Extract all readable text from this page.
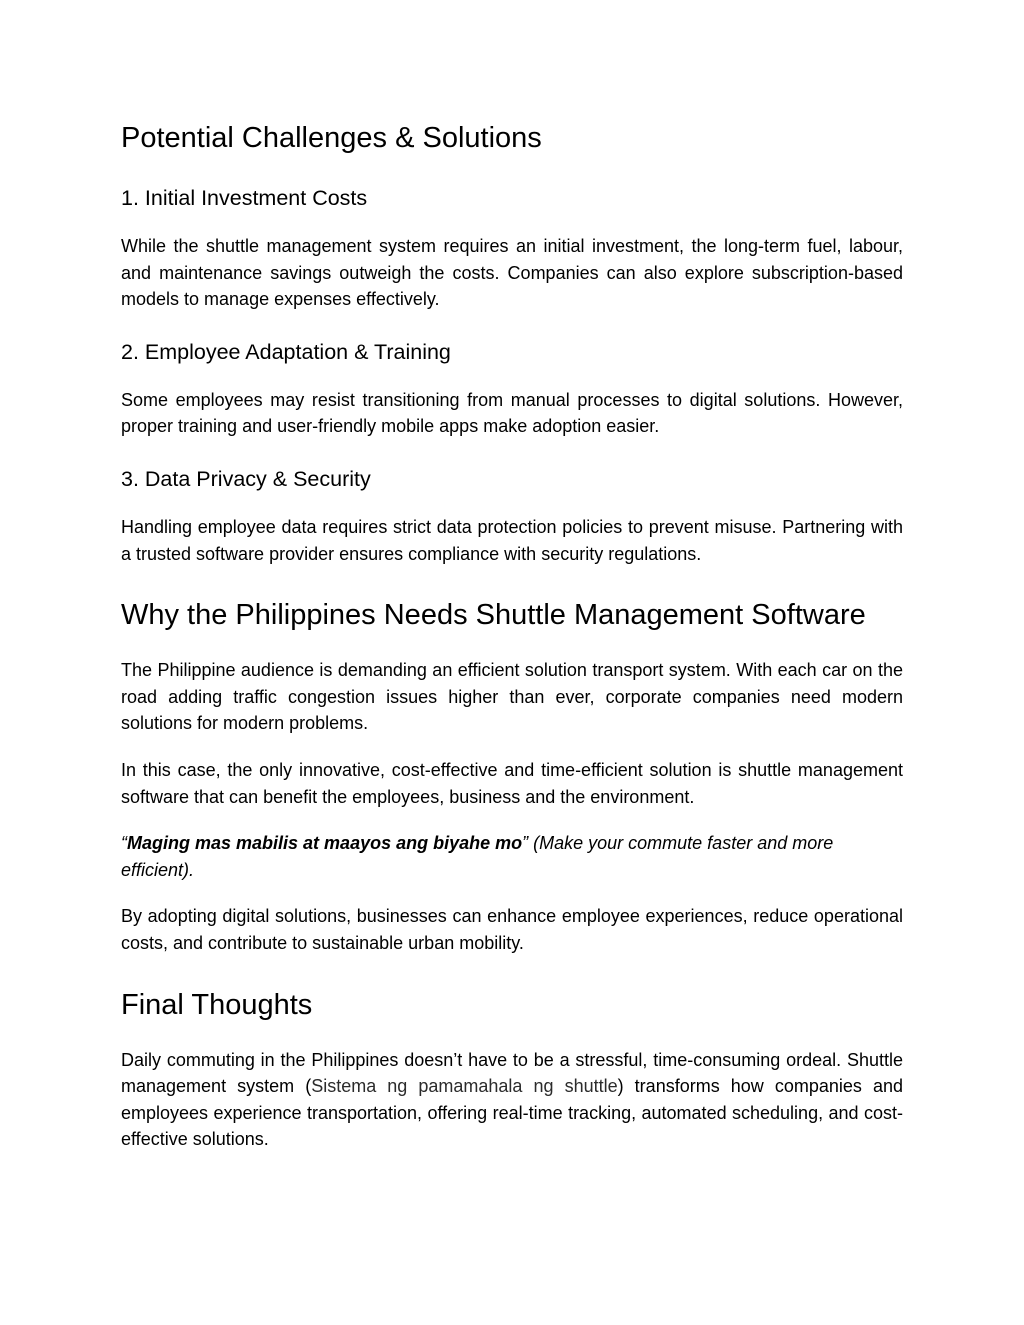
Potential Challenges & Solutions
1. Initial Investment Costs

While the shuttle management system requires an initial investment, the long-term fuel, labour, and maintenance savings outweigh the costs. Companies can also explore subscription-based models to manage expenses effectively.

2. Employee Adaptation & Training

Some employees may resist transitioning from manual processes to digital solutions. However, proper training and user-friendly mobile apps make adoption easier.

3. Data Privacy & Security

Handling employee data requires strict data protection policies to prevent misuse. Partnering with a trusted software provider ensures compliance with security regulations.

Why the Philippines Needs Shuttle Management Software

The Philippine audience is demanding an efficient solution transport system. With each car on the road adding traffic congestion issues higher than ever, corporate companies need modern solutions for modern problems.

In this case, the only innovative, cost-effective and time-efficient solution is shuttle management software that can benefit the employees, business and the environment.

“Maging mas mabilis at maayos ang biyahe mo” (Make your commute faster and more efficient).

By adopting digital solutions, businesses can enhance employee experiences, reduce operational costs, and contribute to sustainable urban mobility.

Final Thoughts

Daily commuting in the Philippines doesn’t have to be a stressful, time-consuming ordeal. Shuttle management system (Sistema ng pamamahala ng shuttle) transforms how companies and employees experience transportation, offering real-time tracking, automated scheduling, and cost-effective solutions.
